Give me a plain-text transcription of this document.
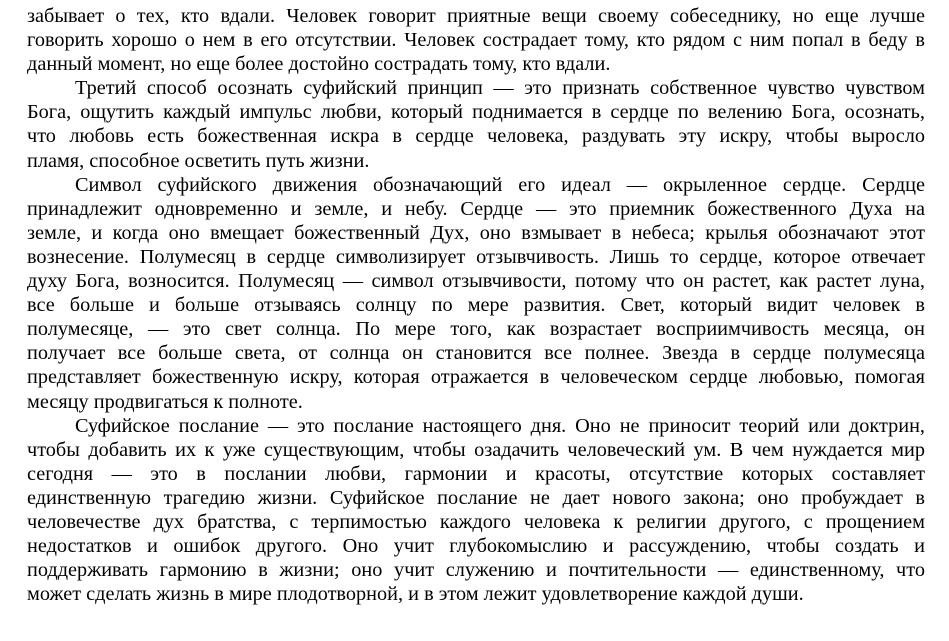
забывает о тех, кто вдали. Человек говорит приятные вещи своему собеседнику, но еще лучше
говорить хорошо о нем в его отсутствии. Человек сострадает тому, кто рядом с ним попал в беду в
данный момент, но еще более достойно сострадать тому, кто вдали.
Третий способ осознать суфийский принцип — это признать собственное чувство чувством
Бога, ощутить каждый импульс любви, который поднимается в сердце по велению Бога, осознать,
что любовь есть божественная искра в сердце человека, раздувать эту искру, чтобы выросло
пламя, способное осветить путь жизни.
Символ суфийского движения обозначающий его идеал — окрыленное сердце. Сердце
принадлежит одновременно и земле, и небу. Сердце — это приемник божественного Духа на
земле, и когда оно вмещает божественный Дух, оно взмывает в небеса; крылья обозначают этот
вознесение. Полумесяц в сердце символизирует отзывчивость. Лишь то сердце, которое отвечает
духу Бога, возносится. Полумесяц — символ отзывчивости, потому что он растет, как растет луна,
все больше и больше отзываясь солнцу по мере развития. Свет, который видит человек в
полумесяце, — это свет солнца. По мере того, как возрастает восприимчивость месяца, он
получает все больше света, от солнца он становится все полнее. Звезда в сердце полумесяца
представляет божественную искру, которая отражается в человеческом сердце любовью, помогая
месяцу продвигаться к полноте.
Суфийское послание — это послание настоящего дня. Оно не приносит теорий или доктрин,
чтобы добавить их к уже существующим, чтобы озадачить человеческий ум. В чем нуждается мир
сегодня — это в послании любви, гармонии и красоты, отсутствие которых составляет
единственную трагедию жизни. Суфийское послание не дает нового закона; оно пробуждает в
человечестве дух братства, с терпимостью каждого человека к религии другого, с прощением
недостатков и ошибок другого. Оно учит глубокомыслию и рассуждению, чтобы создать и
поддерживать гармонию в жизни; оно учит служению и почтительности — единственному, что
может сделать жизнь в мире плодотворной, и в этом лежит удовлетворение каждой души.
